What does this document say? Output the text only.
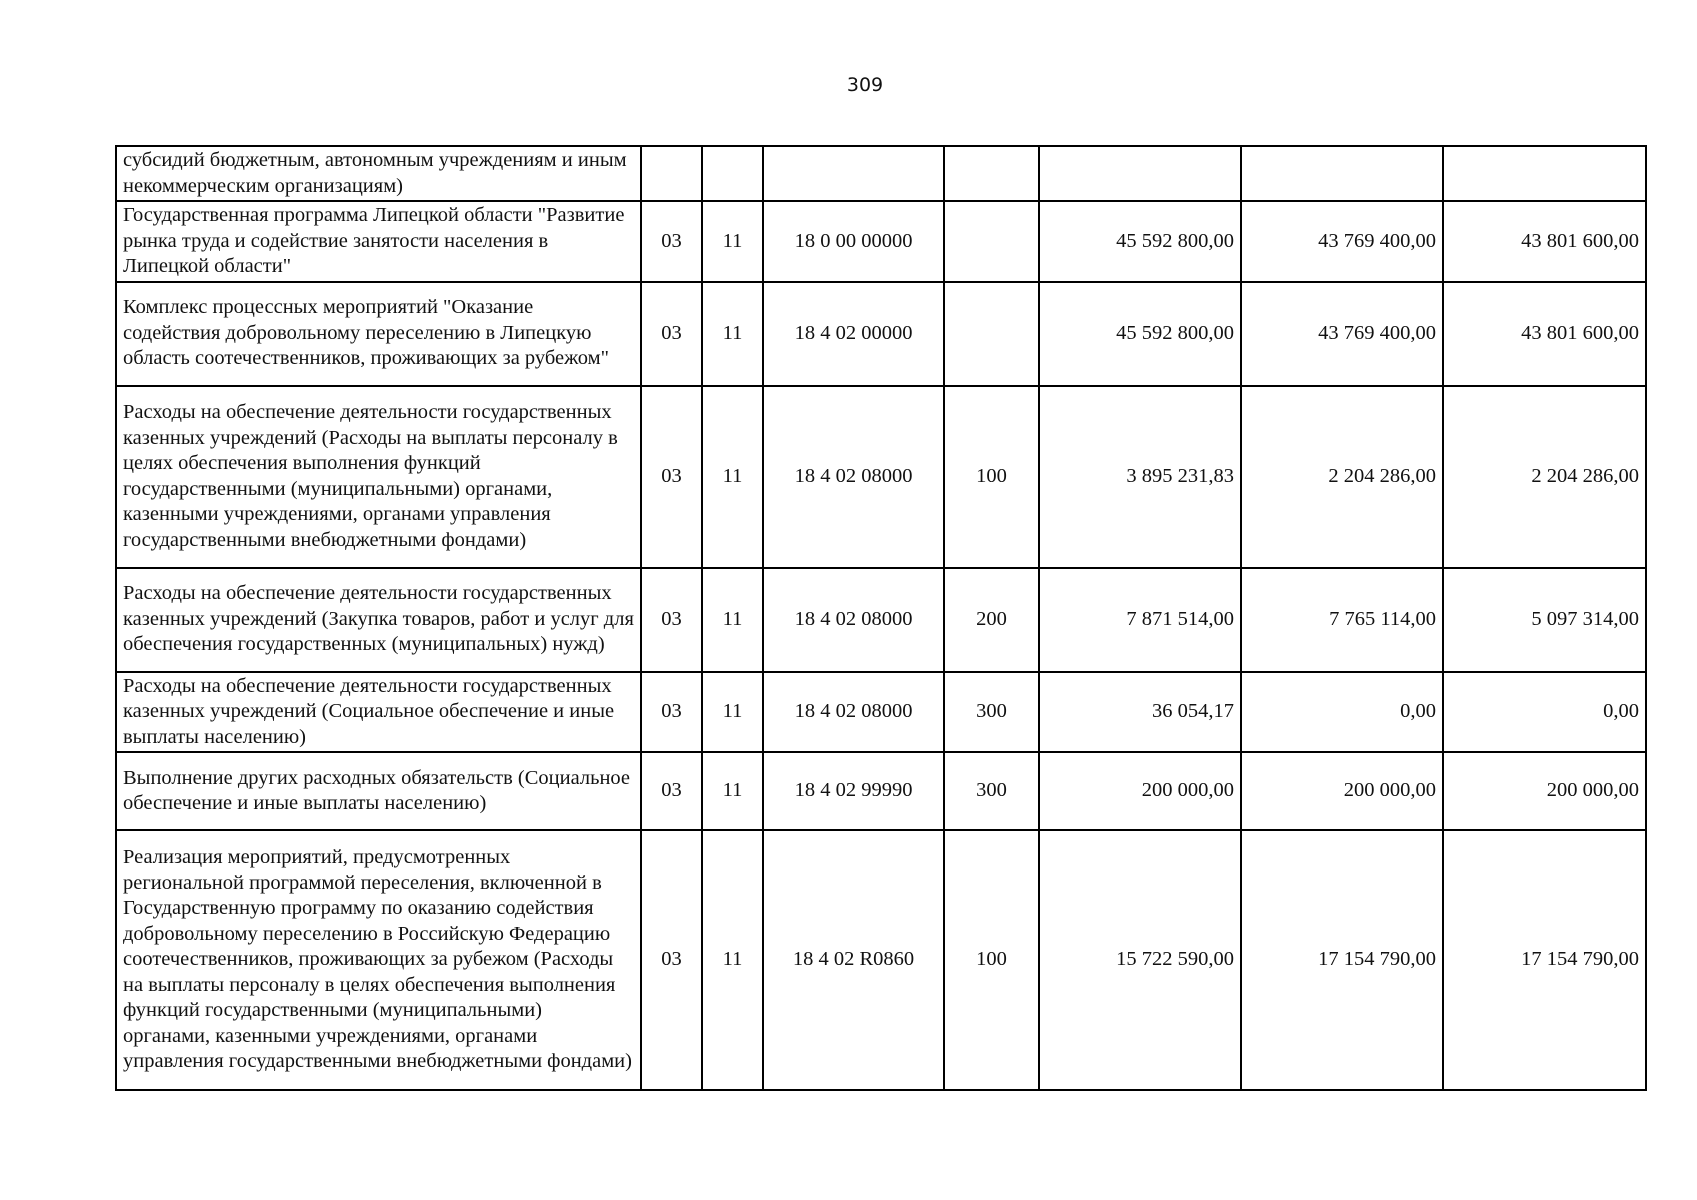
309
субсидий бюджетным, автономным учреждениям и иным некоммерческим организациям)							
Государственная программа Липецкой области "Развитие рынка труда и содействие занятости населения в Липецкой области"	03	11	18 0 00 00000		45 592 800,00	43 769 400,00	43 801 600,00
Комплекс процессных мероприятий "Оказание содействия добровольному переселению в Липецкую область соотечественников, проживающих за рубежом"	03	11	18 4 02 00000		45 592 800,00	43 769 400,00	43 801 600,00
Расходы на обеспечение деятельности государственных казенных учреждений (Расходы на выплаты персоналу в целях обеспечения выполнения функций государственными (муниципальными) органами, казенными учреждениями, органами управления государственными внебюджетными фондами)	03	11	18 4 02 08000	100	3 895 231,83	2 204 286,00	2 204 286,00
Расходы на обеспечение деятельности государственных казенных учреждений (Закупка товаров, работ и услуг для обеспечения государственных (муниципальных) нужд)	03	11	18 4 02 08000	200	7 871 514,00	7 765 114,00	5 097 314,00
Расходы на обеспечение деятельности государственных казенных учреждений (Социальное обеспечение и иные выплаты населению)	03	11	18 4 02 08000	300	36 054,17	0,00	0,00
Выполнение других расходных обязательств (Социальное обеспечение и иные выплаты населению)	03	11	18 4 02 99990	300	200 000,00	200 000,00	200 000,00
Реализация мероприятий, предусмотренных региональной программой переселения, включенной в Государственную программу по оказанию содействия добровольному переселению в Российскую Федерацию соотечественников, проживающих за рубежом (Расходы на выплаты персоналу в целях обеспечения выполнения функций государственными (муниципальными) органами, казенными учреждениями, органами управления государственными внебюджетными фондами)	03	11	18 4 02 R0860	100	15 722 590,00	17 154 790,00	17 154 790,00
